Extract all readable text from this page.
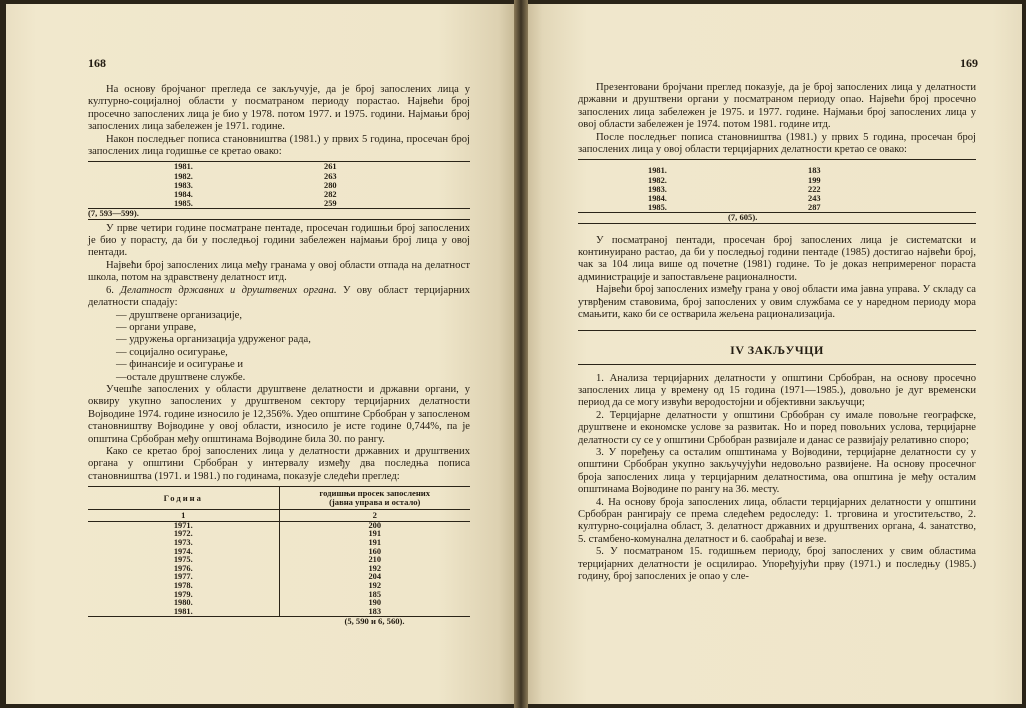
168

На основу бројчаног прегледа се закључује, да је број запослених лица у културно-социјалној области у посматраном периоду порастао. Највећи број просечно запослених лица је био у 1978. потом 1977. и 1975. години. Најмањи број запослених лица забележен је 1971. године.

Након последњег пописа становништва (1981.) у првих 5 година, просечан број запослених лица годишње се кретао овако:

1981.	261
1982.	263
1983.	280
1984.	282
1985.	259

(7, 593—599).	

У прве четири године посматране пентаде, просечан годишњи број запослених је био у порасту, да би у последњој години забележен најмањи број лица у овој пентади.

Највећи број запослених лица међу гранама у овој области отпада на делатност школа, потом на здравствену делатност итд.

6. Делатност државних и друштвених органа. У ову област терцијарних делатности спадају:

— друштвене организације,
— органи управе,
— удружења организација удруженог рада,
— социјално осигурање,
— финансије и осигурање и
—остале друштвене службе.

Учешће запослених у области друштвене делатности и државни органи, у оквиру укупно запослених у друштвеном сектору терцијарних делатности Војводине 1974. године износило је 12,356%. Удео општине Србобран у запосленом становништву Војводине у овој области, износило је исте године 0,744%, па је општина Србобран међу општинама Војводине била 30. по рангу.

Како се кретао број запослених лица у делатности државних и друштвених органа у општини Србобран у интервалу између два последња пописа становништва (1971. и 1981.) по годинама, показује следећи преглед:

Година	годишњи просек запослених (јавна управа и остало)
1	2
1971.	200
1972.	191
1973.	191
1974.	160
1975.	210
1976.	192
1977.	204
1978.	192
1979.	185
1980.	190
1981.	183

	(5, 590 и 6, 560).
169

Презентовани бројчани преглед показује, да је број запослених лица у делатности државни и друштвени органи у посматраном периоду опао. Највећи број просечно запослених лица забележен је 1975. и 1977. године. Најмањи број запослених лица у овој области забележен је 1974. потом 1981. године итд.

После последњег пописа становништва (1981.) у првих 5 година, просечан број запослених лица у овој области терцијарних делатности кретао се овако:

1981.	183
1982.	199
1983.	222
1984.	243
1985.	287

(7, 605).	

У посматраној пентади, просечан број запослених лица је систематски и континуирано растао, да би у последњој години пентаде (1985) достигао највећи број, чак за 104 лица више од почетне (1981) године. То је доказ непримереног пораста администрације и запостављене рационалности.

Највећи број запослених између грана у овој области има јавна управа. У складу са утврђеним ставовима, број запослених у овим службама се у наредном периоду мора смањити, како би се остварила жељена рационализација.

IV ЗАКЉУЧЦИ

1. Анализа терцијарних делатности у општини Србобран, на основу просечно запослених лица у времену од 15 година (1971—1985.), довољно је дуг временски период да се могу извући веродостојни и објективни закључци;

2. Терцијарне делатности у општини Србобран су имале повољне географске, друштвене и економске услове за развитак. Но и поред повољних услова, терцијарне делатности су се у општини Србобран развијале и данас се развијају релативно споро;

3. У поређењу са осталим општинама у Војводини, терцијарне делатности су у општини Србобран укупно закључујући недовољно развијене. На основу просечног броја запослених лица у терцијарним делатностима, ова општина је међу осталим општинама Војводине по рангу на 36. месту.

4. На основу броја запослених лица, области терцијарних делатности у општини Србобран рангирају се према следећем редоследу: 1. трговина и угоститељство, 2. културно-социјална област, 3. делатност државних и друштвених органа, 4. занатство, 5. стамбено-комунална делатност и 6. саобраћај и везе.

5. У посматраном 15. годишњем периоду, број запослених у свим областима терцијарних делатности је осцилирао. Упоређујући прву (1971.) и последњу (1985.) годину, број запослених је опао у сле-
